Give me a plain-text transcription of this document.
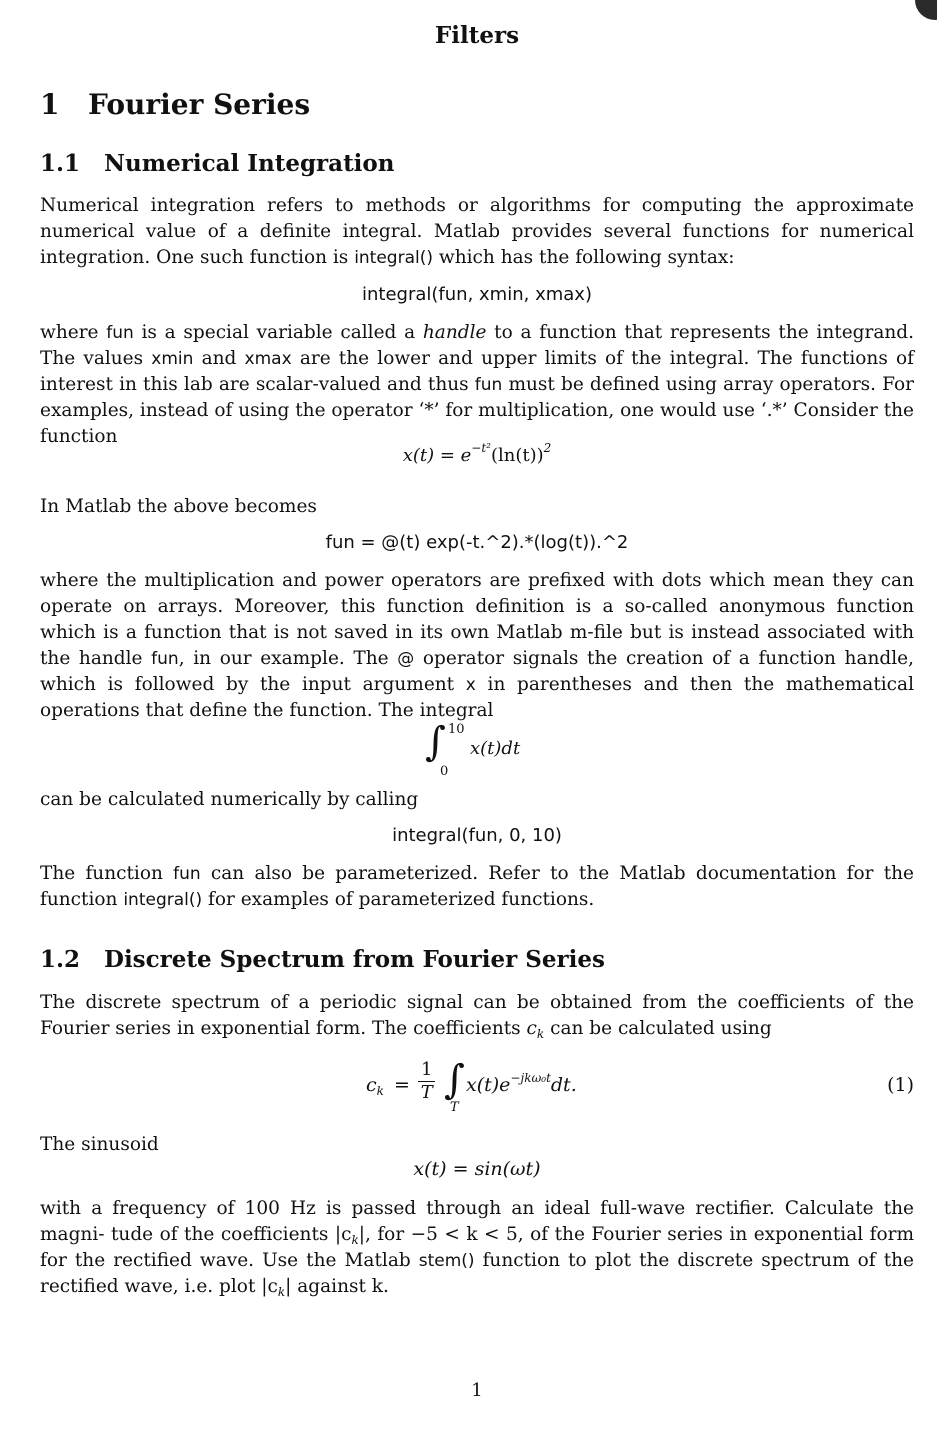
Filters
1 Fourier Series
1.1 Numerical Integration

Numerical integration refers to methods or algorithms for computing the approximate numerical value of a definite integral. Matlab provides several functions for numerical integration. One such function is integral() which has the following syntax:

integral(fun, xmin, xmax)

where fun is a special variable called a handle to a function that represents the integrand. The values xmin and xmax are the lower and upper limits of the integral. The functions of interest in this lab are scalar-valued and thus fun must be defined using array operators. For examples, instead of using the operator ‘*’ for multiplication, one would use ‘.*’ Consider the function

$x(t) = e^{-t^2}(\ln(t))^2$

In Matlab the above becomes

fun = @(t) exp(-t.^2).*(log(t)).^2

where the multiplication and power operators are prefixed with dots which mean they can operate on arrays. Moreover, this function definition is a so-called anonymous function which is a function that is not saved in its own Matlab m-file but is instead associated with the handle fun, in our example. The @ operator signals the creation of a function handle, which is followed by the input argument x in parentheses and then the mathematical operations that define the function. The integral

∫ 10
0
x(t)dt

can be calculated numerically by calling

integral(fun, 0, 10)

The function fun can also be parameterized. Refer to the Matlab documentation for the function integral() for examples of parameterized functions.

1.2 Discrete Spectrum from Fourier Series

The discrete spectrum of a periodic signal can be obtained from the coefficients of the Fourier series in exponential form. The coefficients $c_k$ can be calculated using

$c_k = \frac{1}{T}$ ∫
T
$x(t)e^{-jk\omega_0t}dt$.	(1)

The sinusoid

x(t) = sin(ωt)

with a frequency of 100 Hz is passed through an ideal full-wave rectifier. Calculate the magni- tude of the coefficients $|c_k|$, for −5 < k < 5, of the Fourier series in exponential form for the rectified wave. Use the Matlab stem() function to plot the discrete spectrum of the rectified wave, i.e. plot $|c_k|$ against k.

1
